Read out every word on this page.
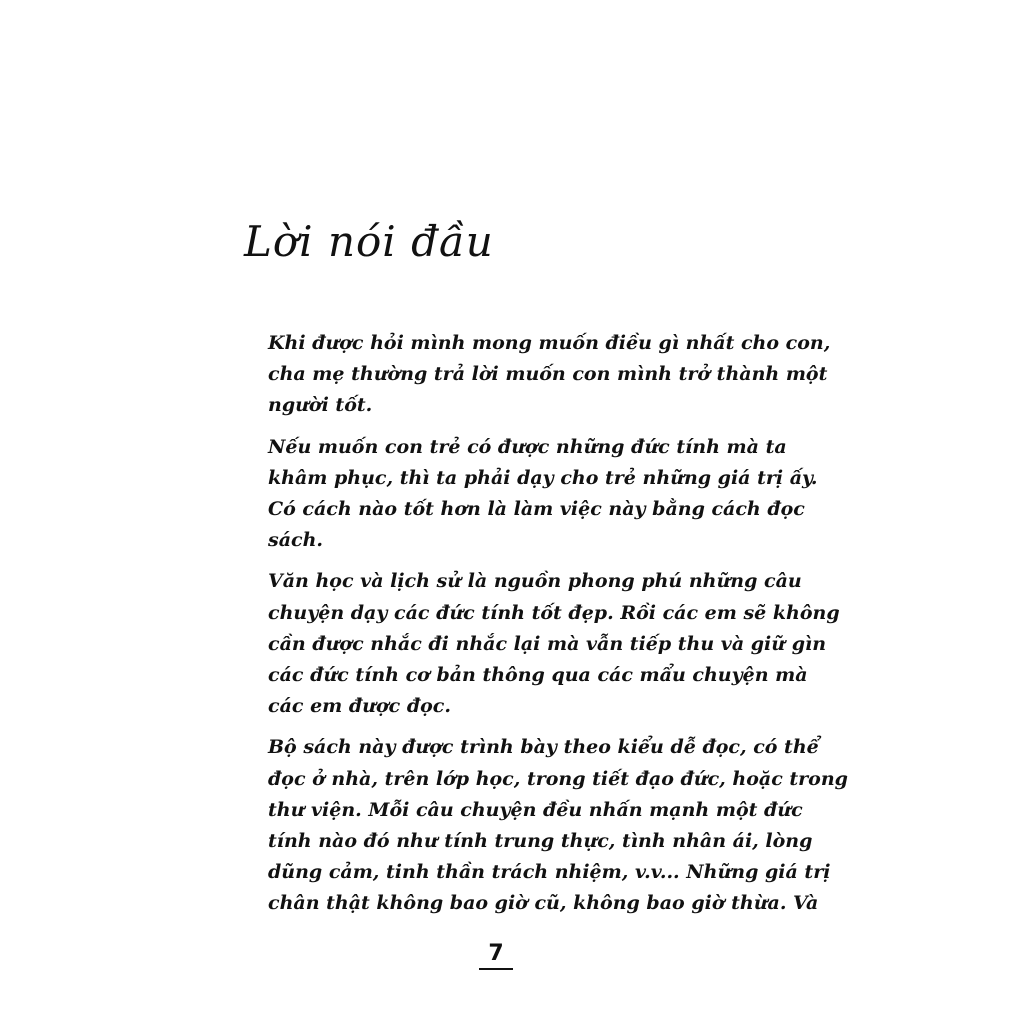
Lời nói đầu

Khi được hỏi mình mong muốn điều gì nhất cho con,
cha mẹ thường trả lời muốn con mình trở thành một
người tốt.

Nếu muốn con trẻ có được những đức tính mà ta
khâm phục, thì ta phải dạy cho trẻ những giá trị ấy.
Có cách nào tốt hơn là làm việc này bằng cách đọc
sách.

Văn học và lịch sử là nguồn phong phú những câu
chuyện dạy các đức tính tốt đẹp. Rồi các em sẽ không
cần được nhắc đi nhắc lại mà vẫn tiếp thu và giữ gìn
các đức tính cơ bản thông qua các mẩu chuyện mà
các em được đọc.

Bộ sách này được trình bày theo kiểu dễ đọc, có thể
đọc ở nhà, trên lớp học, trong tiết đạo đức, hoặc trong
thư viện. Mỗi câu chuyện đều nhấn mạnh một đức
tính nào đó như tính trung thực, tình nhân ái, lòng
dũng cảm, tinh thần trách nhiệm, v.v... Những giá trị
chân thật không bao giờ cũ, không bao giờ thừa. Và

7
